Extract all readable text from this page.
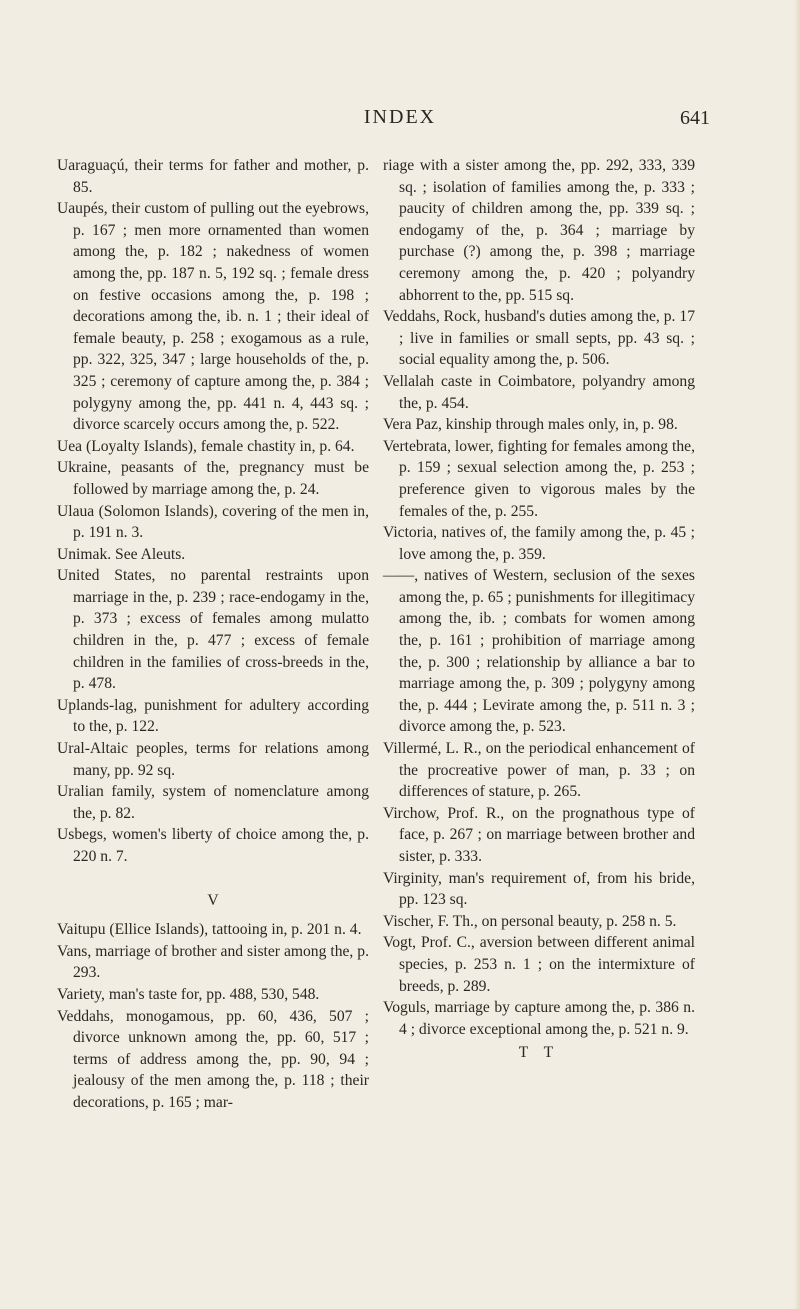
INDEX	641

Uaraguaçú, their terms for father and mother, p. 85.

Uaupés, their custom of pulling out the eyebrows, p. 167 ; men more ornamented than women among the, p. 182 ; nakedness of women among the, pp. 187 n. 5, 192 sq. ; female dress on festive occasions among the, p. 198 ; decorations among the, ib. n. 1 ; their ideal of female beauty, p. 258 ; exogamous as a rule, pp. 322, 325, 347 ; large households of the, p. 325 ; ceremony of capture among the, p. 384 ; polygyny among the, pp. 441 n. 4, 443 sq. ; divorce scarcely occurs among the, p. 522.

Uea (Loyalty Islands), female chastity in, p. 64.

Ukraine, peasants of the, pregnancy must be followed by marriage among the, p. 24.

Ulaua (Solomon Islands), covering of the men in, p. 191 n. 3.

Unimak. See Aleuts.

United States, no parental restraints upon marriage in the, p. 239 ; race-endogamy in the, p. 373 ; excess of females among mulatto children in the, p. 477 ; excess of female children in the families of cross-breeds in the, p. 478.

Uplands-lag, punishment for adultery according to the, p. 122.

Ural-Altaic peoples, terms for relations among many, pp. 92 sq.

Uralian family, system of nomenclature among the, p. 82.

Usbegs, women's liberty of choice among the, p. 220 n. 7.

V

Vaitupu (Ellice Islands), tattooing in, p. 201 n. 4.

Vans, marriage of brother and sister among the, p. 293.

Variety, man's taste for, pp. 488, 530, 548.

Veddahs, monogamous, pp. 60, 436, 507 ; divorce unknown among the, pp. 60, 517 ; terms of address among the, pp. 90, 94 ; jealousy of the men among the, p. 118 ; their decorations, p. 165 ; mar-

riage with a sister among the, pp. 292, 333, 339 sq. ; isolation of families among the, p. 333 ; paucity of children among the, pp. 339 sq. ; endogamy of the, p. 364 ; marriage by purchase (?) among the, p. 398 ; marriage ceremony among the, p. 420 ; polyandry abhorrent to the, pp. 515 sq.

Veddahs, Rock, husband's duties among the, p. 17 ; live in families or small septs, pp. 43 sq. ; social equality among the, p. 506.

Vellalah caste in Coimbatore, polyandry among the, p. 454.

Vera Paz, kinship through males only, in, p. 98.

Vertebrata, lower, fighting for females among the, p. 159 ; sexual selection among the, p. 253 ; preference given to vigorous males by the females of the, p. 255.

Victoria, natives of, the family among the, p. 45 ; love among the, p. 359.

——, natives of Western, seclusion of the sexes among the, p. 65 ; punishments for illegitimacy among the, ib. ; combats for women among the, p. 161 ; prohibition of marriage among the, p. 300 ; relationship by alliance a bar to marriage among the, p. 309 ; polygyny among the, p. 444 ; Levirate among the, p. 511 n. 3 ; divorce among the, p. 523.

Villermé, L. R., on the periodical enhancement of the procreative power of man, p. 33 ; on differences of stature, p. 265.

Virchow, Prof. R., on the prognathous type of face, p. 267 ; on marriage between brother and sister, p. 333.

Virginity, man's requirement of, from his bride, pp. 123 sq.

Vischer, F. Th., on personal beauty, p. 258 n. 5.

Vogt, Prof. C., aversion between different animal species, p. 253 n. 1 ; on the intermixture of breeds, p. 289.

Voguls, marriage by capture among the, p. 386 n. 4 ; divorce exceptional among the, p. 521 n. 9.

T T
